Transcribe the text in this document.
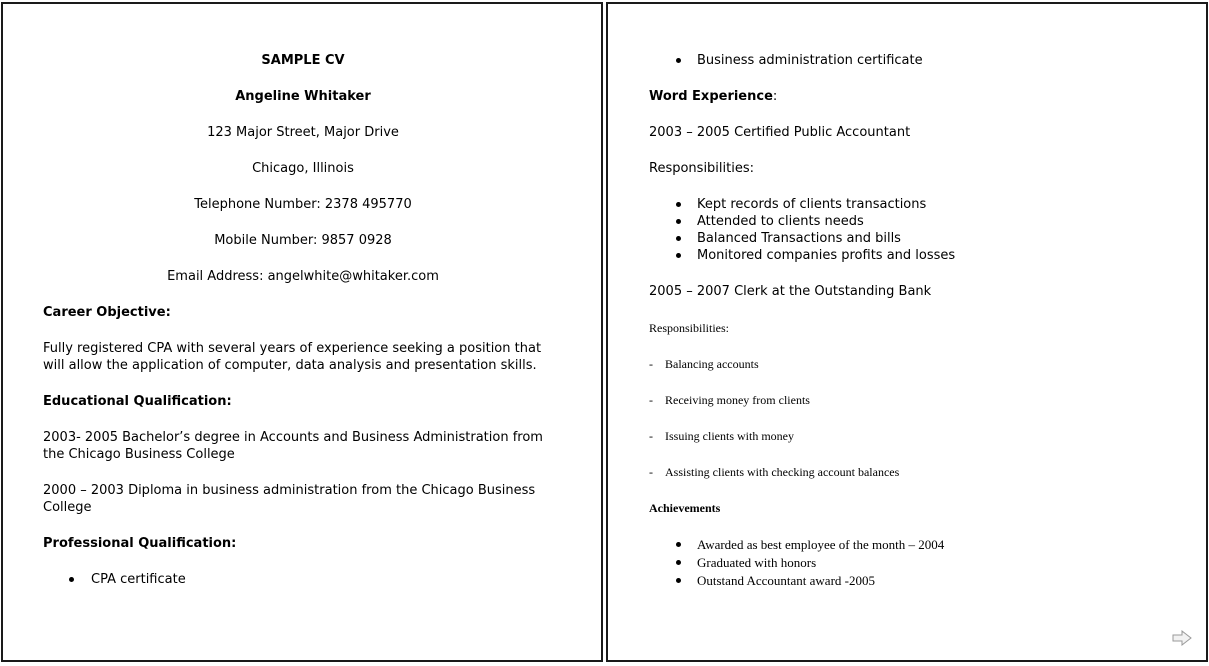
SAMPLE CV
Angeline Whitaker
123 Major Street, Major Drive
Chicago, Illinois
Telephone Number: 2378 495770
Mobile Number: 9857 0928
Email Address: angelwhite@whitaker.com
Career Objective:
Fully registered CPA with several years of experience seeking a position that will allow the application of computer, data analysis and presentation skills.
Educational Qualification:
2003- 2005 Bachelor’s degree in Accounts and Business Administration from the Chicago Business College
2000 – 2003 Diploma in business administration from the Chicago Business College
Professional Qualification:
CPA certificate
Business administration certificate
Word Experience:
2003 – 2005 Certified Public Accountant
Responsibilities:
Kept records of clients transactions
Attended to clients needs
Balanced Transactions and bills
Monitored companies profits and losses
2005 – 2007 Clerk at the Outstanding Bank
Responsibilities:
- Balancing accounts
- Receiving money from clients
- Issuing clients with money
- Assisting clients with checking account balances
Achievements
Awarded as best employee of the month – 2004
Graduated with honors
Outstand Accountant award -2005
